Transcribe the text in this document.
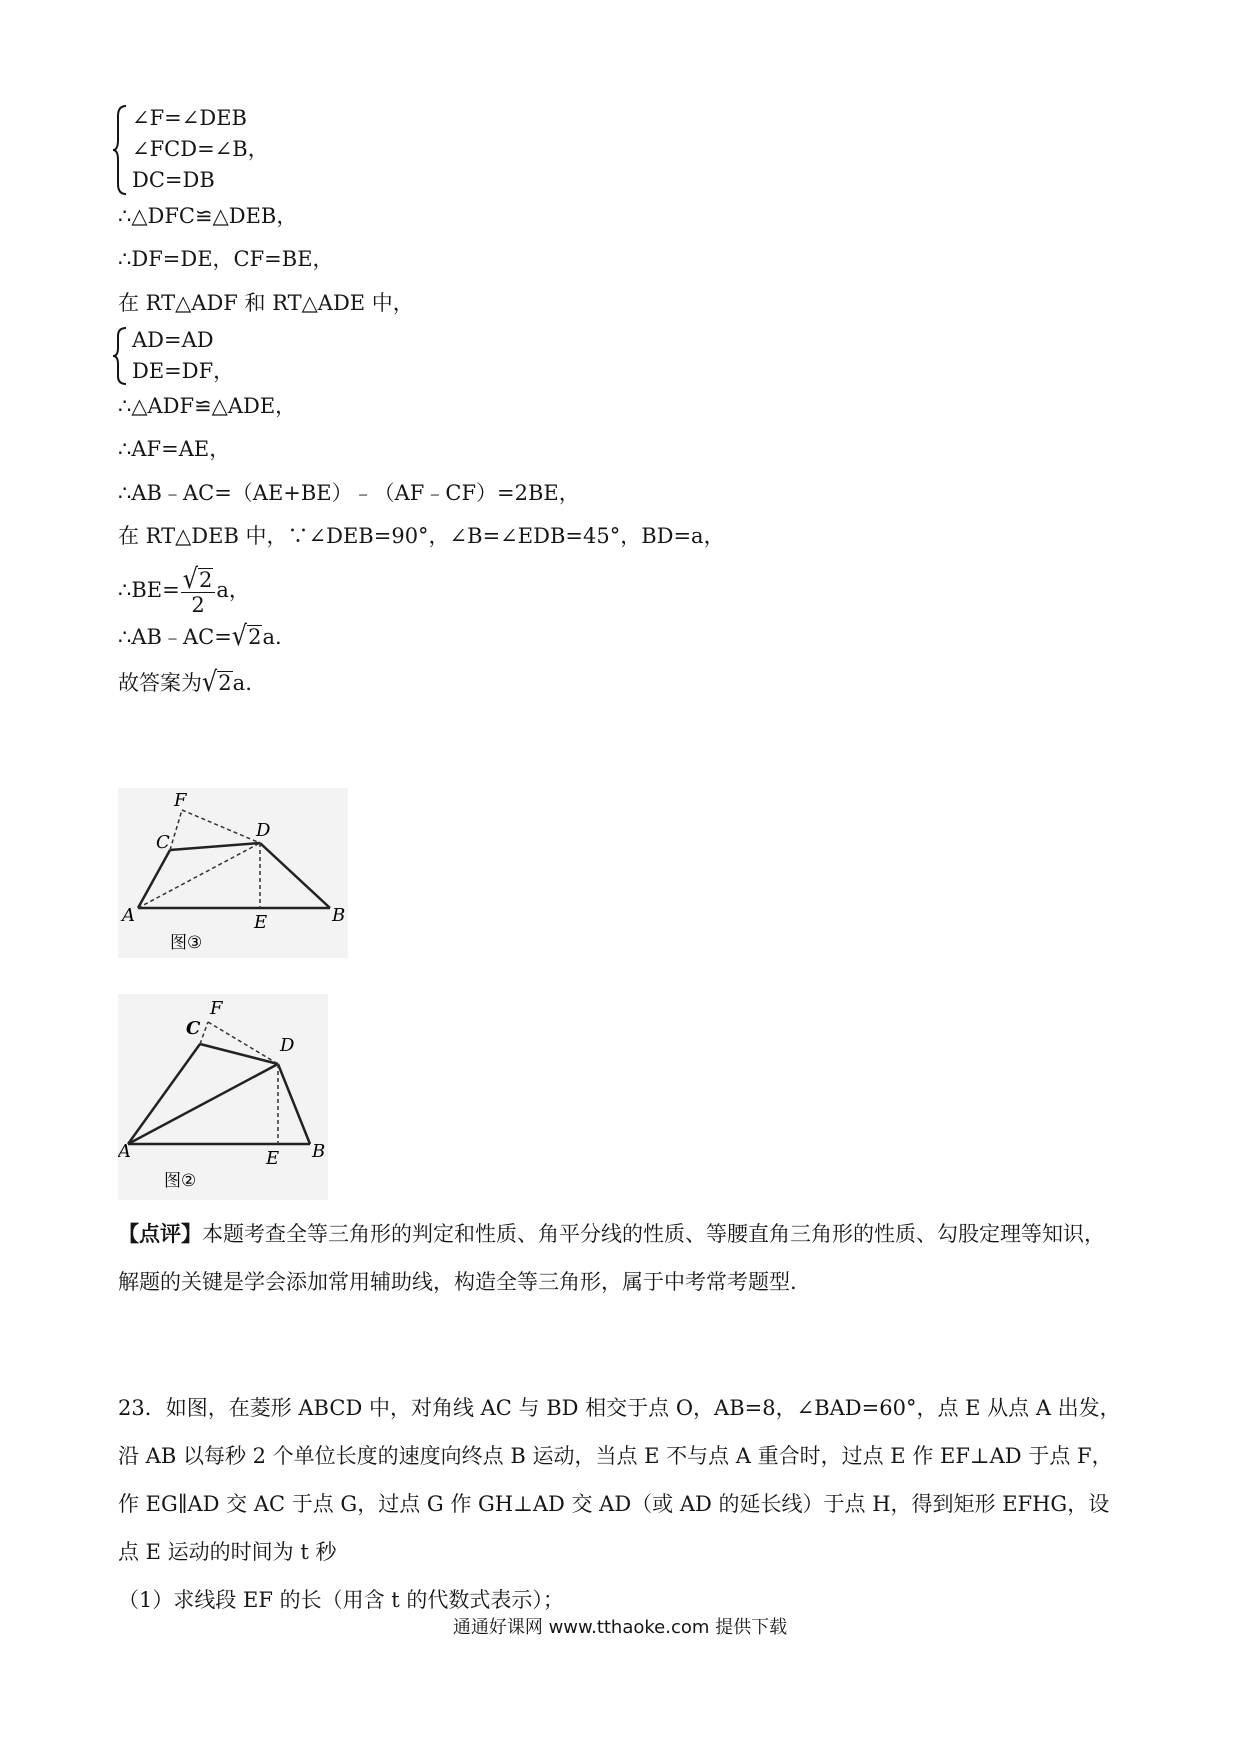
∠F=∠DEB
∠FCD=∠B，
DC=DB
∴△DFC≌△DEB，
∴DF=DE，CF=BE，
在 RT△ADF 和 RT△ADE 中，
AD=AD
DE=DF，
∴△ADF≌△ADE，
∴AF=AE，
∴AB﹣AC=（AE+BE）﹣（AF﹣CF）=2BE，
在 RT△DEB 中，∵∠DEB=90°，∠B=∠EDB=45°，BD=a，
∴BE= $\frac{√2}{2}$ a，
∴AB﹣AC=√2a.
故答案为√2a.
F
C
D
A	E	B
图③
F
C
D
A	E B
图②
【点评】本题考查全等三角形的判定和性质、角平分线的性质、等腰直角三角形的性质、勾股定理等知识，解题的关键是学会添加常用辅助线，构造全等三角形，属于中考常考题型.
23．如图，在菱形 ABCD 中，对角线 AC 与 BD 相交于点 O，AB=8，∠BAD=60°，点 E 从点 A 出发，沿 AB 以每秒 2 个单位长度的速度向终点 B 运动，当点 E 不与点 A 重合时，过点 E 作 EF⊥AD 于点 F，作 EG∥AD 交 AC 于点 G，过点 G 作 GH⊥AD 交 AD（或 AD 的延长线）于点 H，得到矩形 EFHG，设点 E 运动的时间为 t 秒
（1）求线段 EF 的长（用含 t 的代数式表示）；
通通好课网 www.tthaoke.com 提供下载
